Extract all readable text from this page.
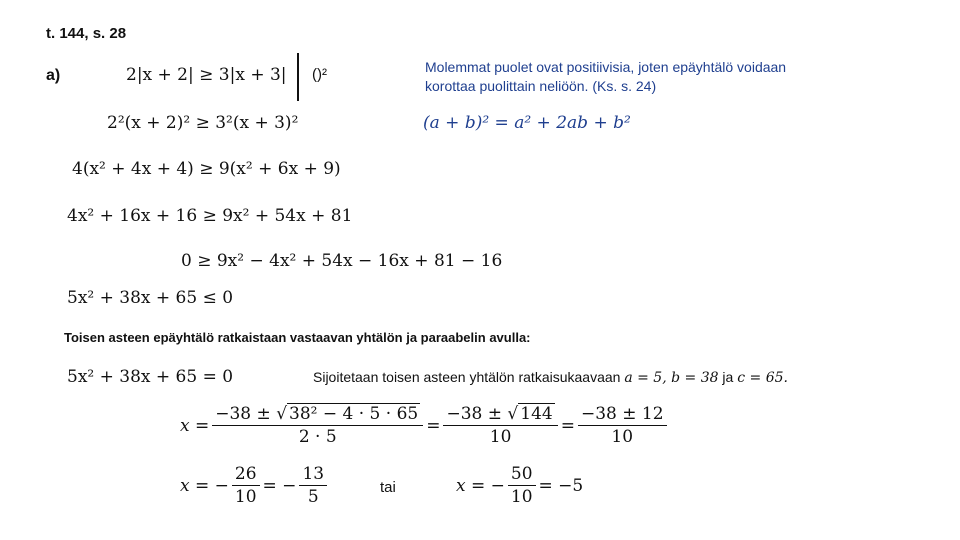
t. 144, s. 28
a)	2|x + 2| ≥ 3|x + 3| ()²	Molemmat puolet ovat positiivisia, joten epäyhtälö voidaan
korottaa puolittain neliöön. (Ks. s. 24)
2²(x + 2)² ≥ 3²(x + 3)²	(a + b)² = a² + 2ab + b²
4(x² + 4x + 4) ≥ 9(x² + 6x + 9)
4x² + 16x + 16 ≥ 9x² + 54x + 81
0 ≥ 9x² − 4x² + 54x − 16x + 81 − 16
5x² + 38x + 65 ≤ 0
Toisen asteen epäyhtälö ratkaistaan vastaavan yhtälön ja paraabelin avulla:
5x² + 38x + 65 = 0	Sijoitetaan toisen asteen yhtälön ratkaisukaavaan a = 5, b = 38 ja c = 65.
$x = \frac{\text{−38 ± √ 38² − 4 · 5 · 65}}{2 \cdot 5} = \frac{-38 \pm √ 144}{10} = \frac{-38 \pm 12}{10}$
x = − $\frac{26}{10}$ = − $\frac{13}{5}$	tai	x = − $\frac{50}{10} = -5$
